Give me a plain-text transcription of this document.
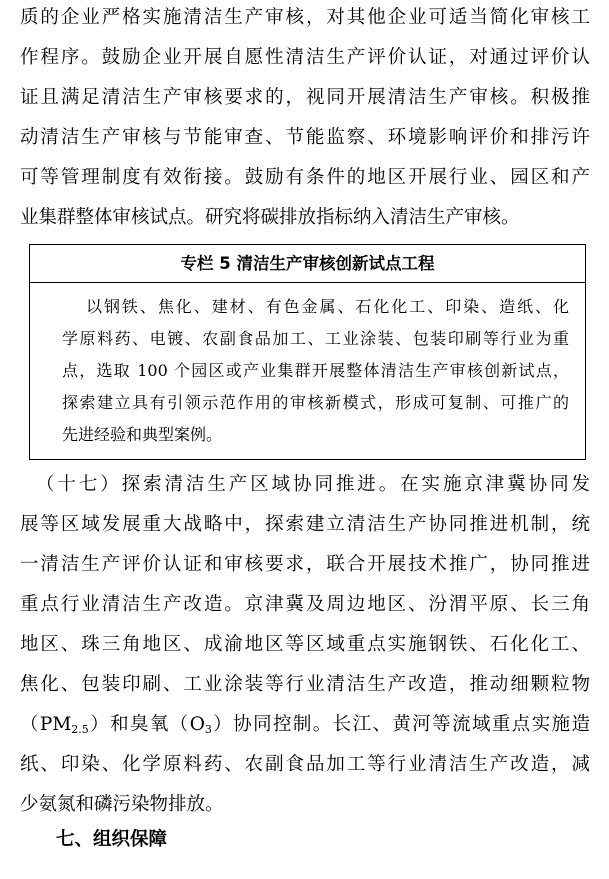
质的企业严格实施清洁生产审核，对其他企业可适当简化审核工
作程序。鼓励企业开展自愿性清洁生产评价认证，对通过评价认
证且满足清洁生产审核要求的，视同开展清洁生产审核。积极推
动清洁生产审核与节能审查、节能监察、环境影响评价和排污许
可等管理制度有效衔接。鼓励有条件的地区开展行业、园区和产
业集群整体审核试点。研究将碳排放指标纳入清洁生产审核。
专栏 5 清洁生产审核创新试点工程
以钢铁、焦化、建材、有色金属、石化化工、印染、造纸、化
学原料药、电镀、农副食品加工、工业涂装、包装印刷等行业为重
点，选取 100 个园区或产业集群开展整体清洁生产审核创新试点，
探索建立具有引领示范作用的审核新模式，形成可复制、可推广的
先进经验和典型案例。
（十七）探索清洁生产区域协同推进。在实施京津冀协同发
展等区域发展重大战略中，探索建立清洁生产协同推进机制，统
一清洁生产评价认证和审核要求，联合开展技术推广，协同推进
重点行业清洁生产改造。京津冀及周边地区、汾渭平原、长三角
地区、珠三角地区、成渝地区等区域重点实施钢铁、石化化工、
焦化、包装印刷、工业涂装等行业清洁生产改造，推动细颗粒物
$(PM_{2.5})$和臭氧$(O_3)$协同控制。长江、黄河等流域重点实施造
纸、印染、化学原料药、农副食品加工等行业清洁生产改造，减
少氨氮和磷污染物排放。
七、组织保障
